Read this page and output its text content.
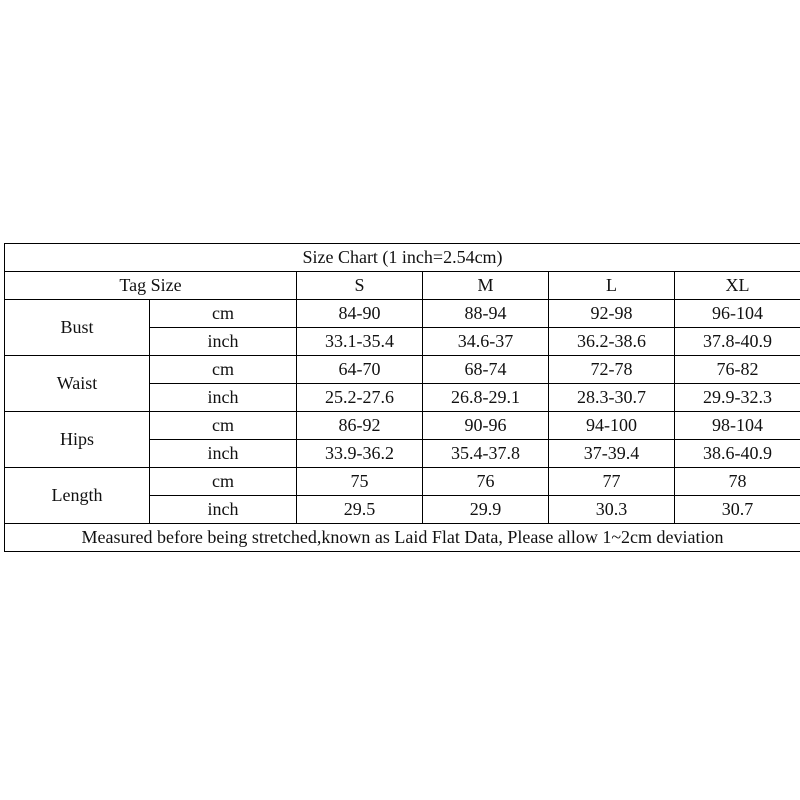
Size Chart (1 inch=2.54cm)					
Tag Size		S	M	L	XL
Bust	cm	84-90	88-94	92-98	96-104
	inch	33.1-35.4	34.6-37	36.2-38.6	37.8-40.9
Waist	cm	64-70	68-74	72-78	76-82
	inch	25.2-27.6	26.8-29.1	28.3-30.7	29.9-32.3
Hips	cm	86-92	90-96	94-100	98-104
	inch	33.9-36.2	35.4-37.8	37-39.4	38.6-40.9
Length	cm	75	76	77	78
	inch	29.5	29.9	30.3	30.7
Measured before being stretched,known as Laid Flat Data, Please allow 1~2cm deviation					
